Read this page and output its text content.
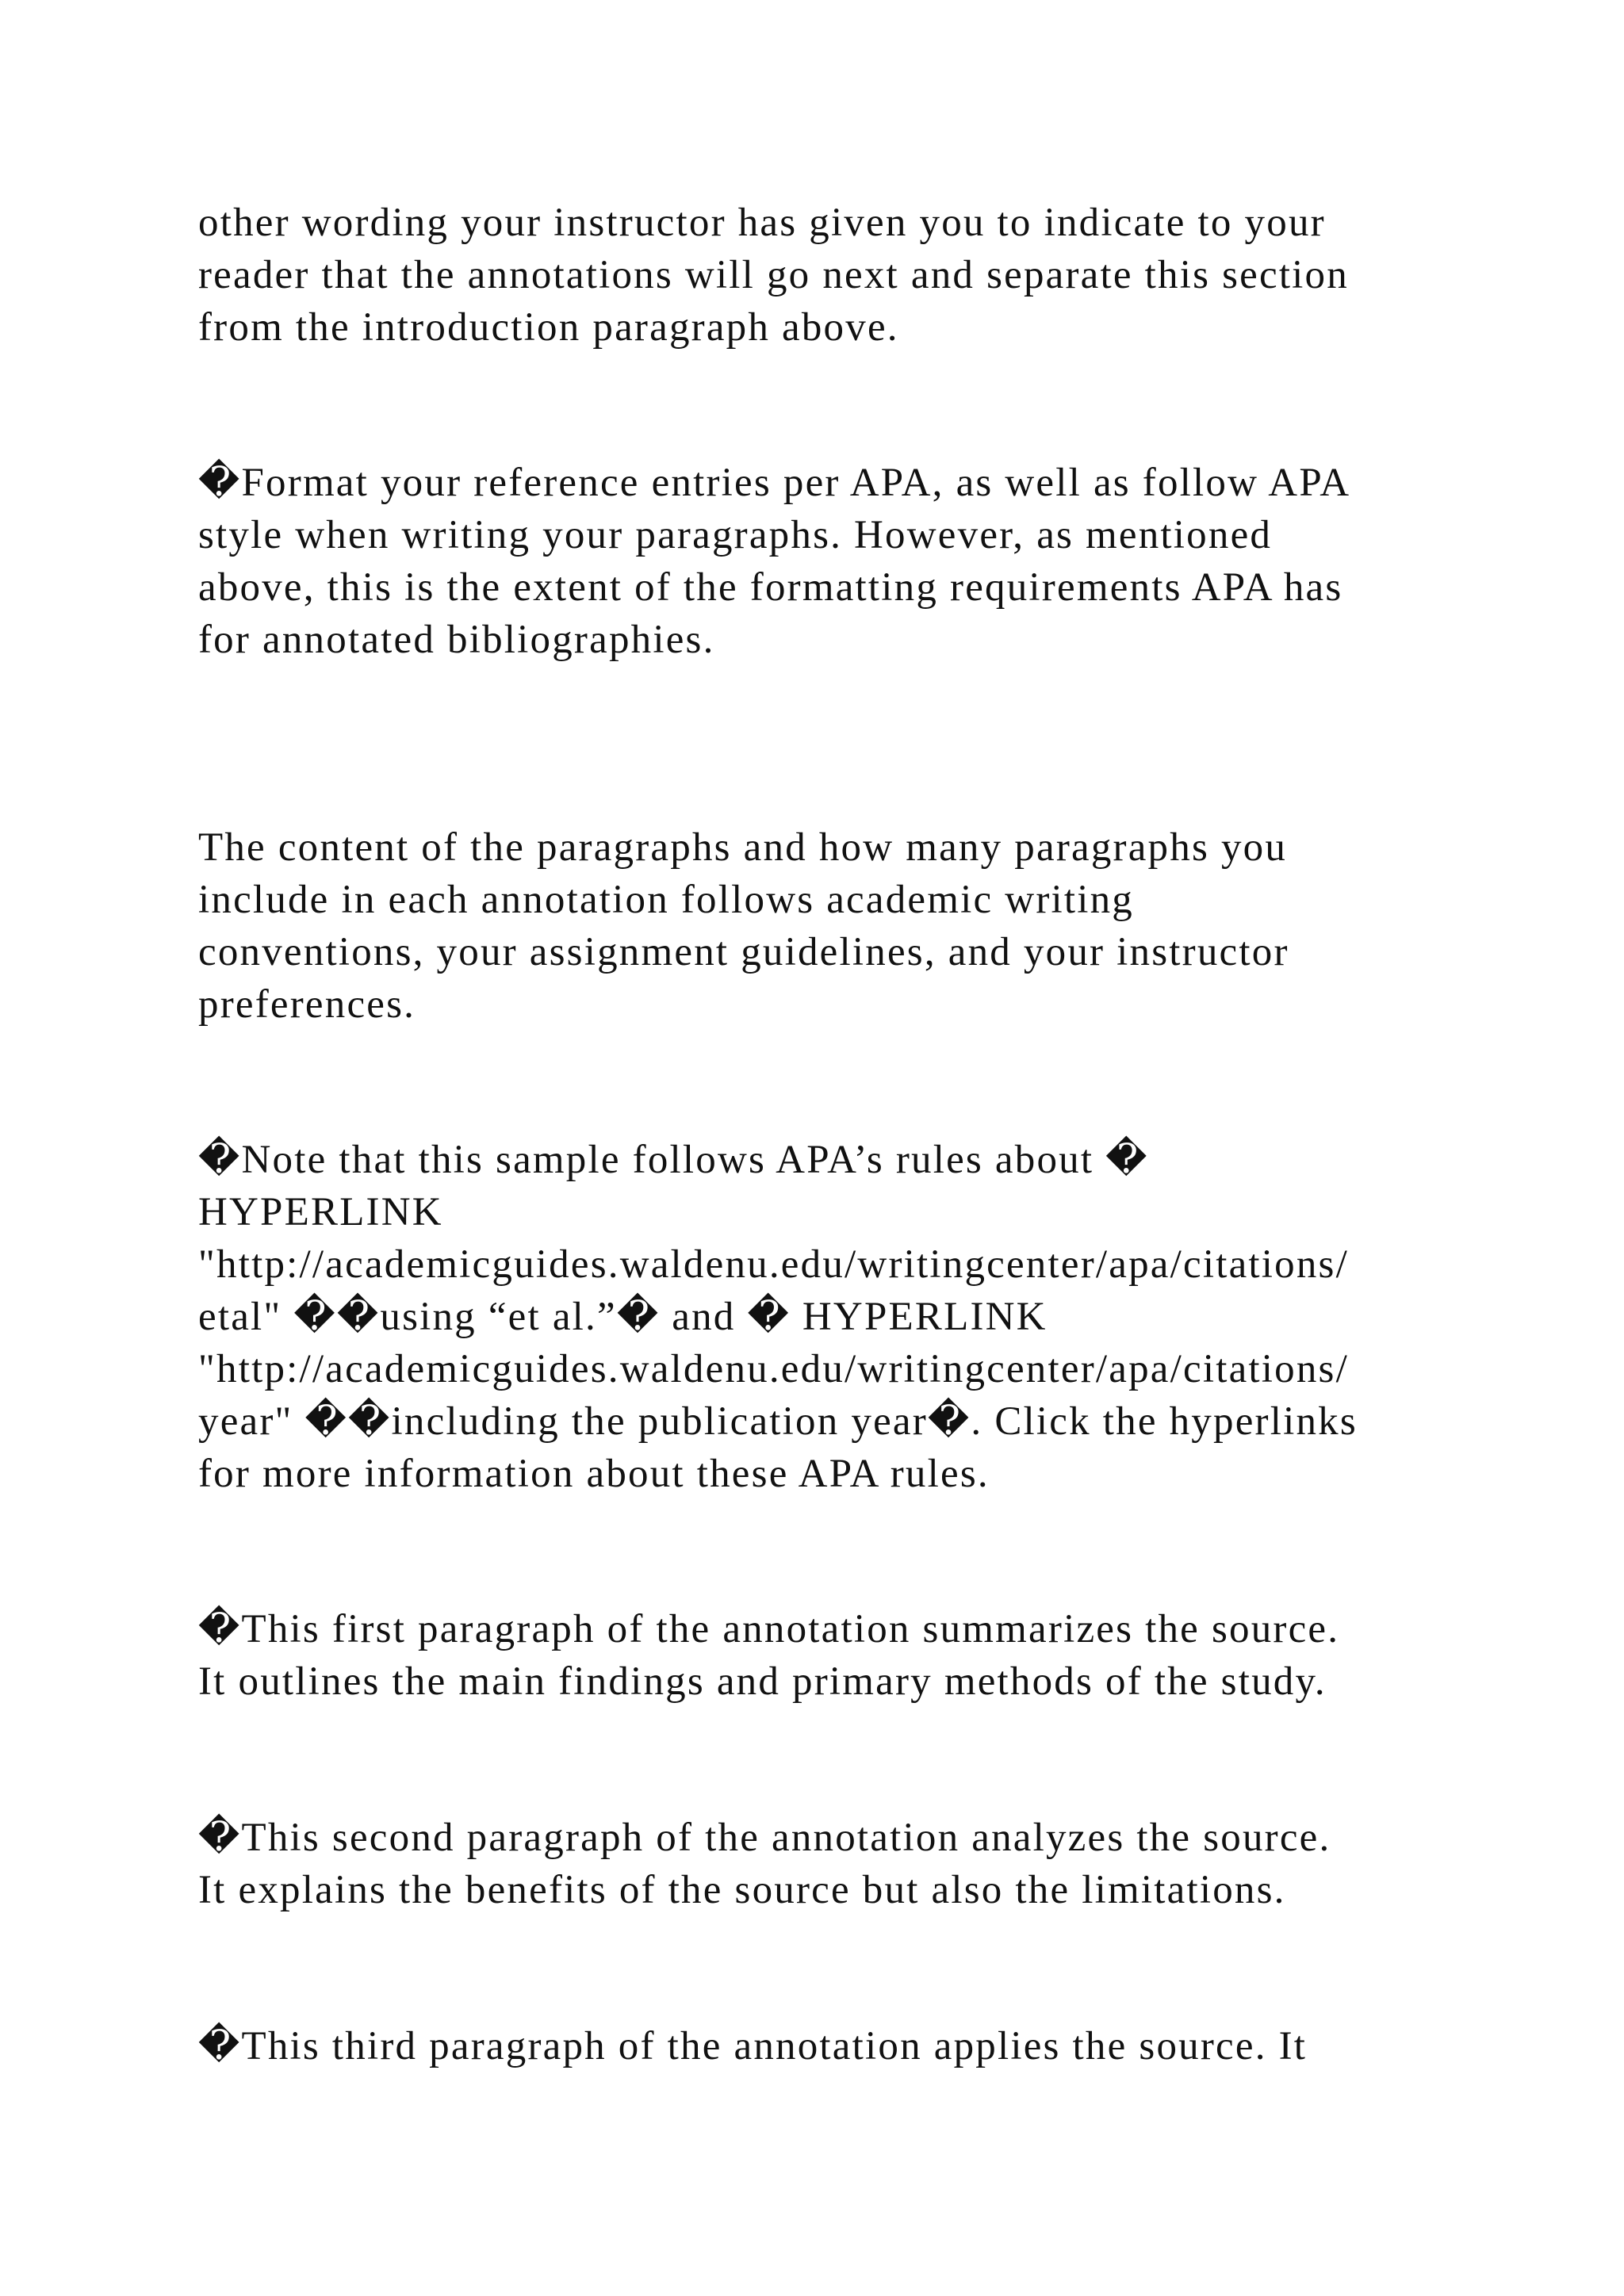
other wording your instructor has given you to indicate to your
reader that the annotations will go next and separate this section
from the introduction paragraph above.

�Format your reference entries per APA, as well as follow APA
style when writing your paragraphs. However, as mentioned
above, this is the extent of the formatting requirements APA has
for annotated bibliographies.

The content of the paragraphs and how many paragraphs you
include in each annotation follows academic writing
conventions, your assignment guidelines, and your instructor
preferences.

�Note that this sample follows APA’s rules about �
HYPERLINK
"http://academicguides.waldenu.edu/writingcenter/apa/citations/
etal" ��using “et al.”� and � HYPERLINK
"http://academicguides.waldenu.edu/writingcenter/apa/citations/
year" ��including the publication year�. Click the hyperlinks
for more information about these APA rules.

�This first paragraph of the annotation summarizes the source.
It outlines the main findings and primary methods of the study.

�This second paragraph of the annotation analyzes the source.
It explains the benefits of the source but also the limitations.

�This third paragraph of the annotation applies the source. It
